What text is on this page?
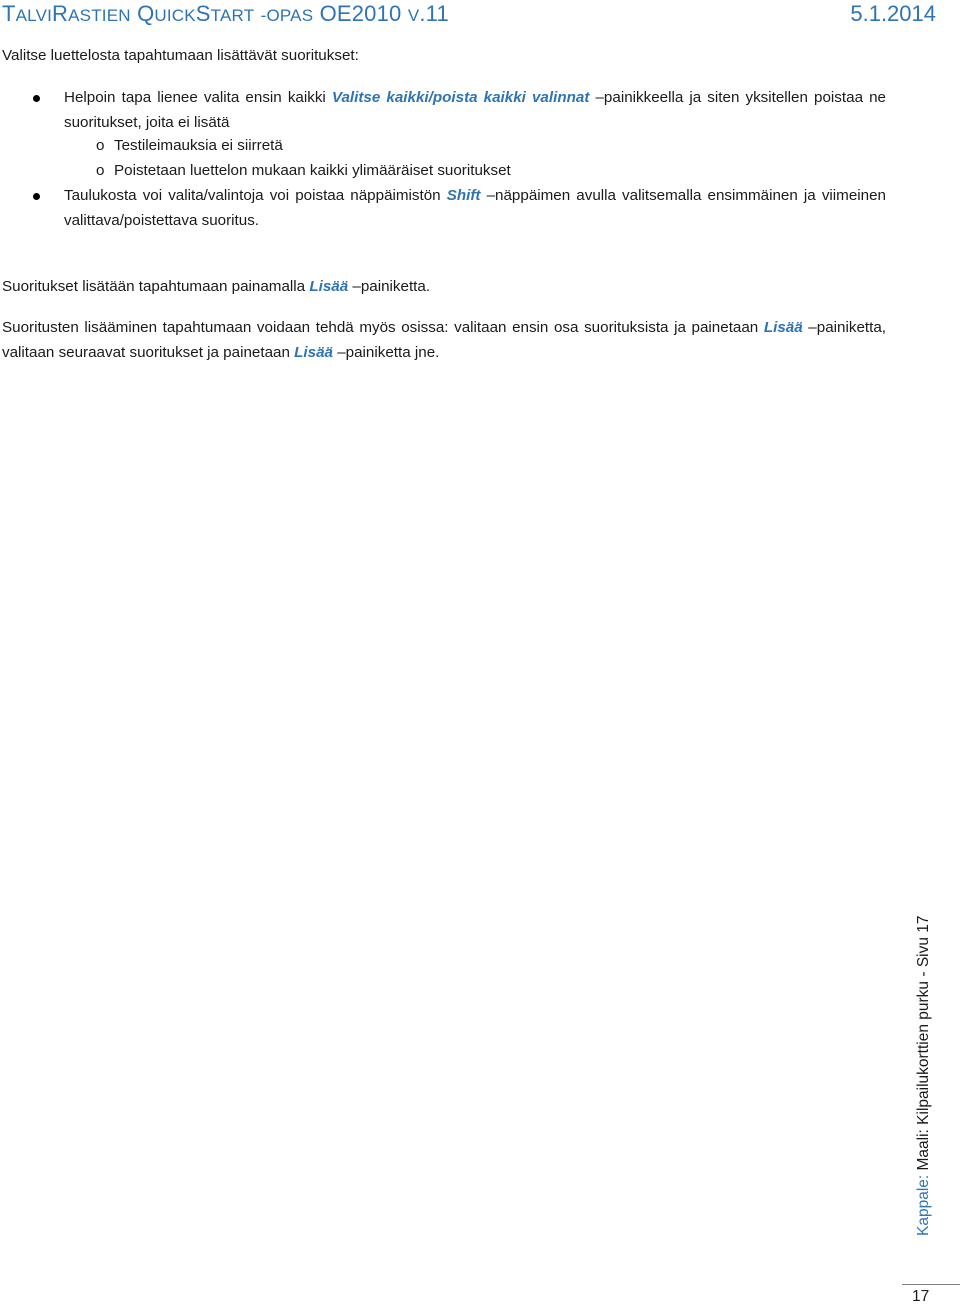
TALVIRASTIEN QUICKSTART -OPAS OE2010 V.11	5.1.2014

Valitse luettelosta tapahtumaan lisättävät suoritukset:

Helpoin tapa lienee valita ensin kaikki Valitse kaikki/poista kaikki valinnat –painikkeella ja siten yksitellen poistaa ne suoritukset, joita ei lisätä

o Testileimauksia ei siirretä

o Poistetaan luettelon mukaan kaikki ylimääräiset suoritukset

Taulukosta voi valita/valintoja voi poistaa näppäimistön Shift –näppäimen avulla valitsemalla ensimmäinen ja viimeinen valittava/poistettava suoritus.

Suoritukset lisätään tapahtumaan painamalla Lisää –painiketta.

Suoritusten lisääminen tapahtumaan voidaan tehdä myös osissa: valitaan ensin osa suorituksista ja painetaan Lisää –painiketta, valitaan seuraavat suoritukset ja painetaan Lisää –painiketta jne.

Kappale: Maali: Kilpailukorttien purku - Sivu 17
17
